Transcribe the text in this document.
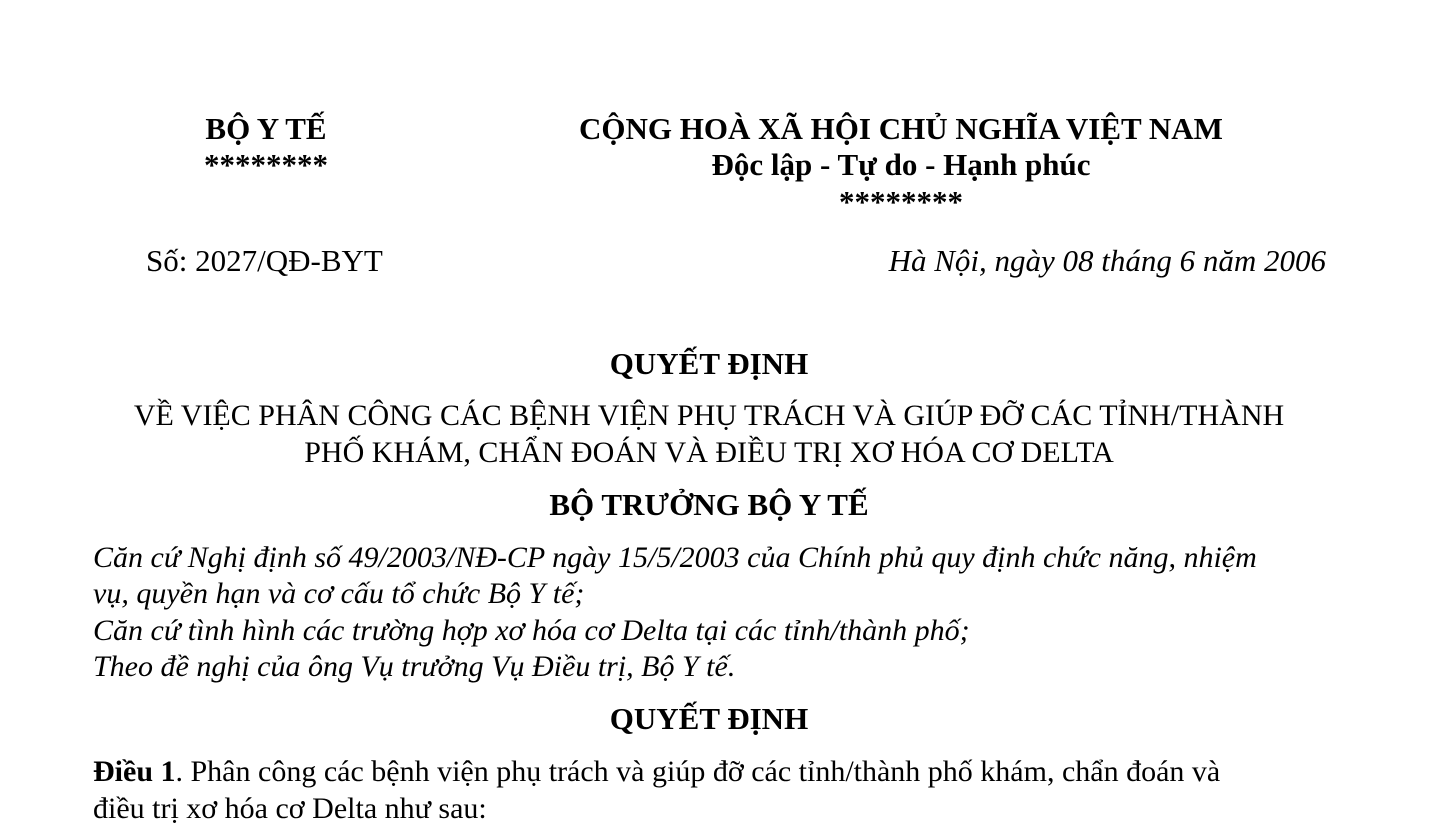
BỘ Y TẾ
********
CỘNG HOÀ XÃ HỘI CHỦ NGHĨA VIỆT NAM
Độc lập - Tự do - Hạnh phúc
********
Số: 2027/QĐ-BYT	Hà Nội, ngày 08 tháng 6 năm 2006
QUYẾT ĐỊNH
VỀ VIỆC PHÂN CÔNG CÁC BỆNH VIỆN PHỤ TRÁCH VÀ GIÚP ĐỠ CÁC TỈNH/THÀNH
PHỐ KHÁM, CHẨN ĐOÁN VÀ ĐIỀU TRỊ XƠ HÓA CƠ DELTA
BỘ TRƯỞNG BỘ Y TẾ
Căn cứ Nghị định số 49/2003/NĐ-CP ngày 15/5/2003 của Chính phủ quy định chức năng, nhiệm
vụ, quyền hạn và cơ cấu tổ chức Bộ Y tế;
Căn cứ tình hình các trường hợp xơ hóa cơ Delta tại các tỉnh/thành phố;
Theo đề nghị của ông Vụ trưởng Vụ Điều trị, Bộ Y tế.
QUYẾT ĐỊNH
Điều 1. Phân công các bệnh viện phụ trách và giúp đỡ các tỉnh/thành phố khám, chẩn đoán và
điều trị xơ hóa cơ Delta như sau:
